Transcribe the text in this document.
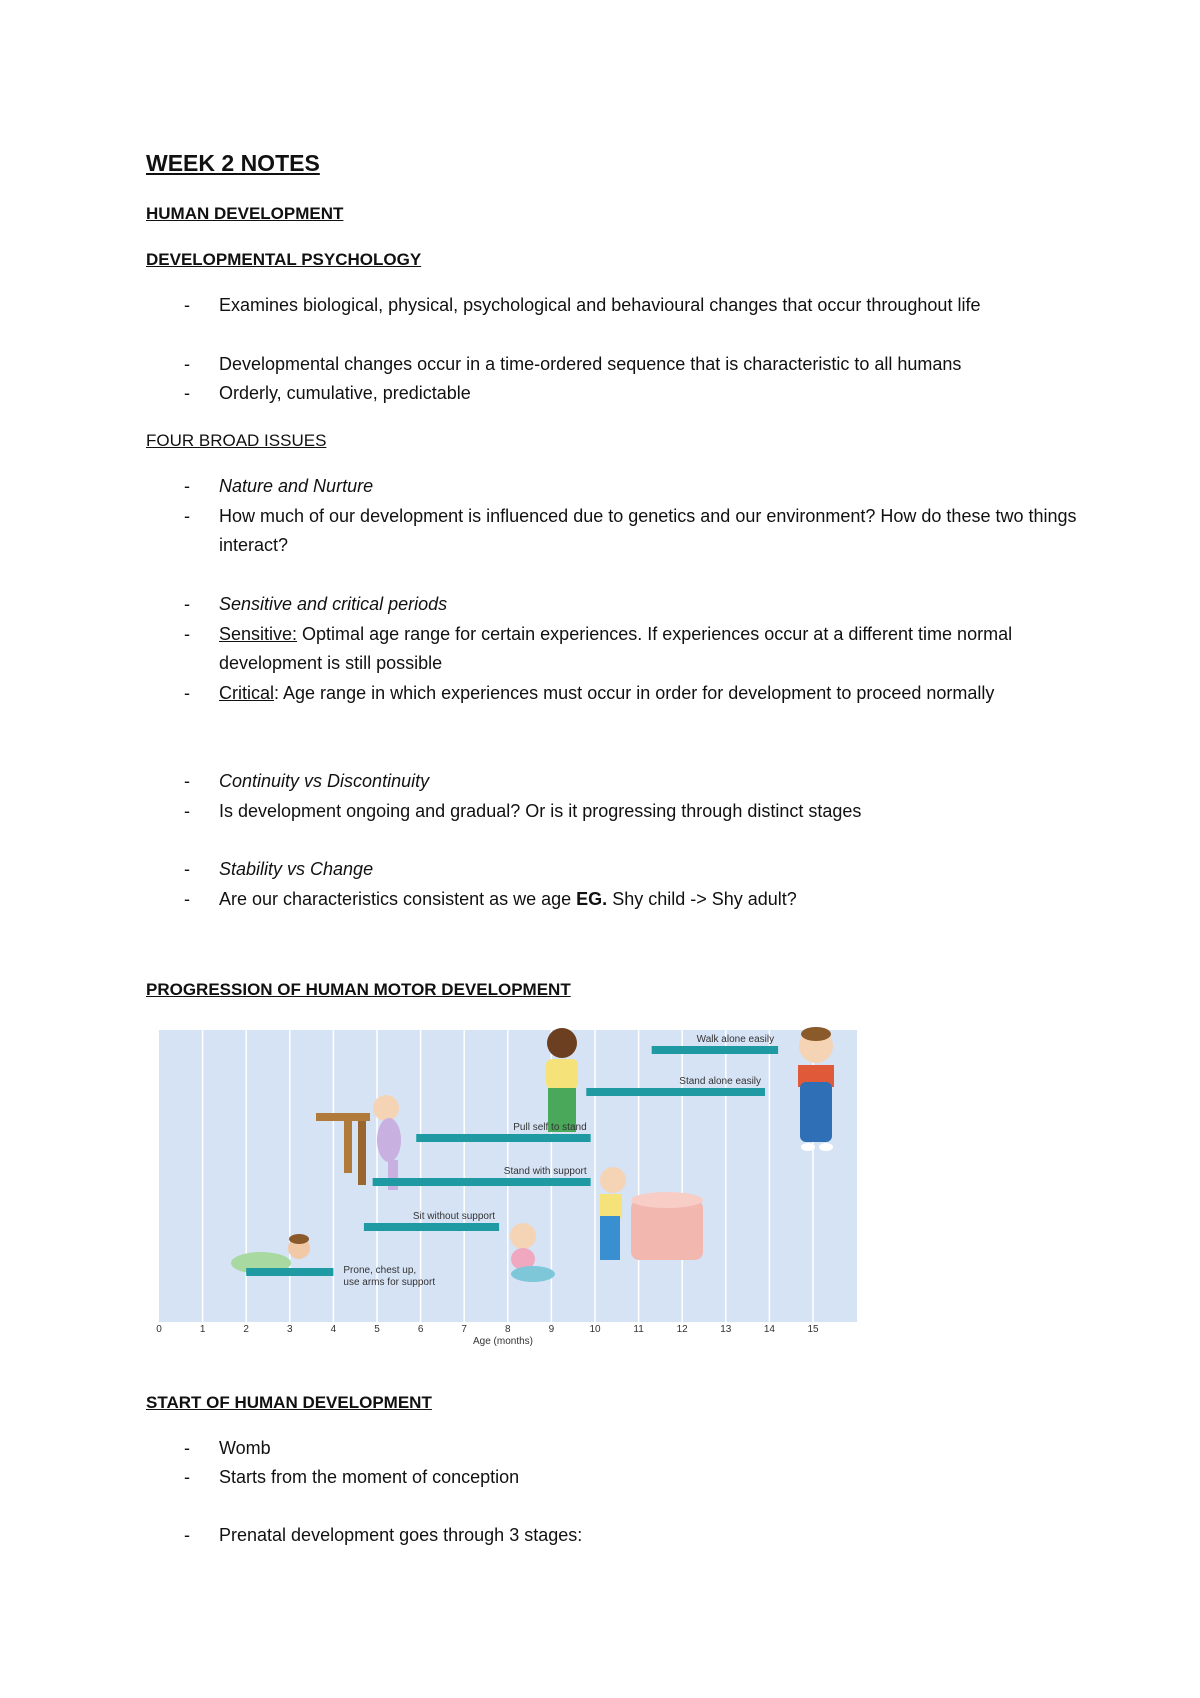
WEEK 2 NOTES
HUMAN DEVELOPMENT
DEVELOPMENTAL PSYCHOLOGY
- Examines biological, physical, psychological and behavioural changes that occur throughout life
- Developmental changes occur in a time-ordered sequence that is characteristic to all humans
- Orderly, cumulative, predictable
FOUR BROAD ISSUES
- Nature and Nurture
- How much of our development is influenced due to genetics and our environment? How do these two things interact?
- Sensitive and critical periods
- Sensitive: Optimal age range for certain experiences. If experiences occur at a different time normal development is still possible
- Critical: Age range in which experiences must occur in order for development to proceed normally
- Continuity vs Discontinuity
- Is development ongoing and gradual? Or is it progressing through distinct stages
- Stability vs Change
- Are our characteristics consistent as we age EG. Shy child -> Shy adult?
PROGRESSION OF HUMAN MOTOR DEVELOPMENT
Prone, chest up,
use arms for support
Sit without support
Stand with support
Pull self to stand
Stand alone easily
Walk alone easily
0	1	2	3	4	5	6	7	8	9	10	11	12	13	14	15
Age (months)
START OF HUMAN DEVELOPMENT
- Womb
- Starts from the moment of conception
- Prenatal development goes through 3 stages:
